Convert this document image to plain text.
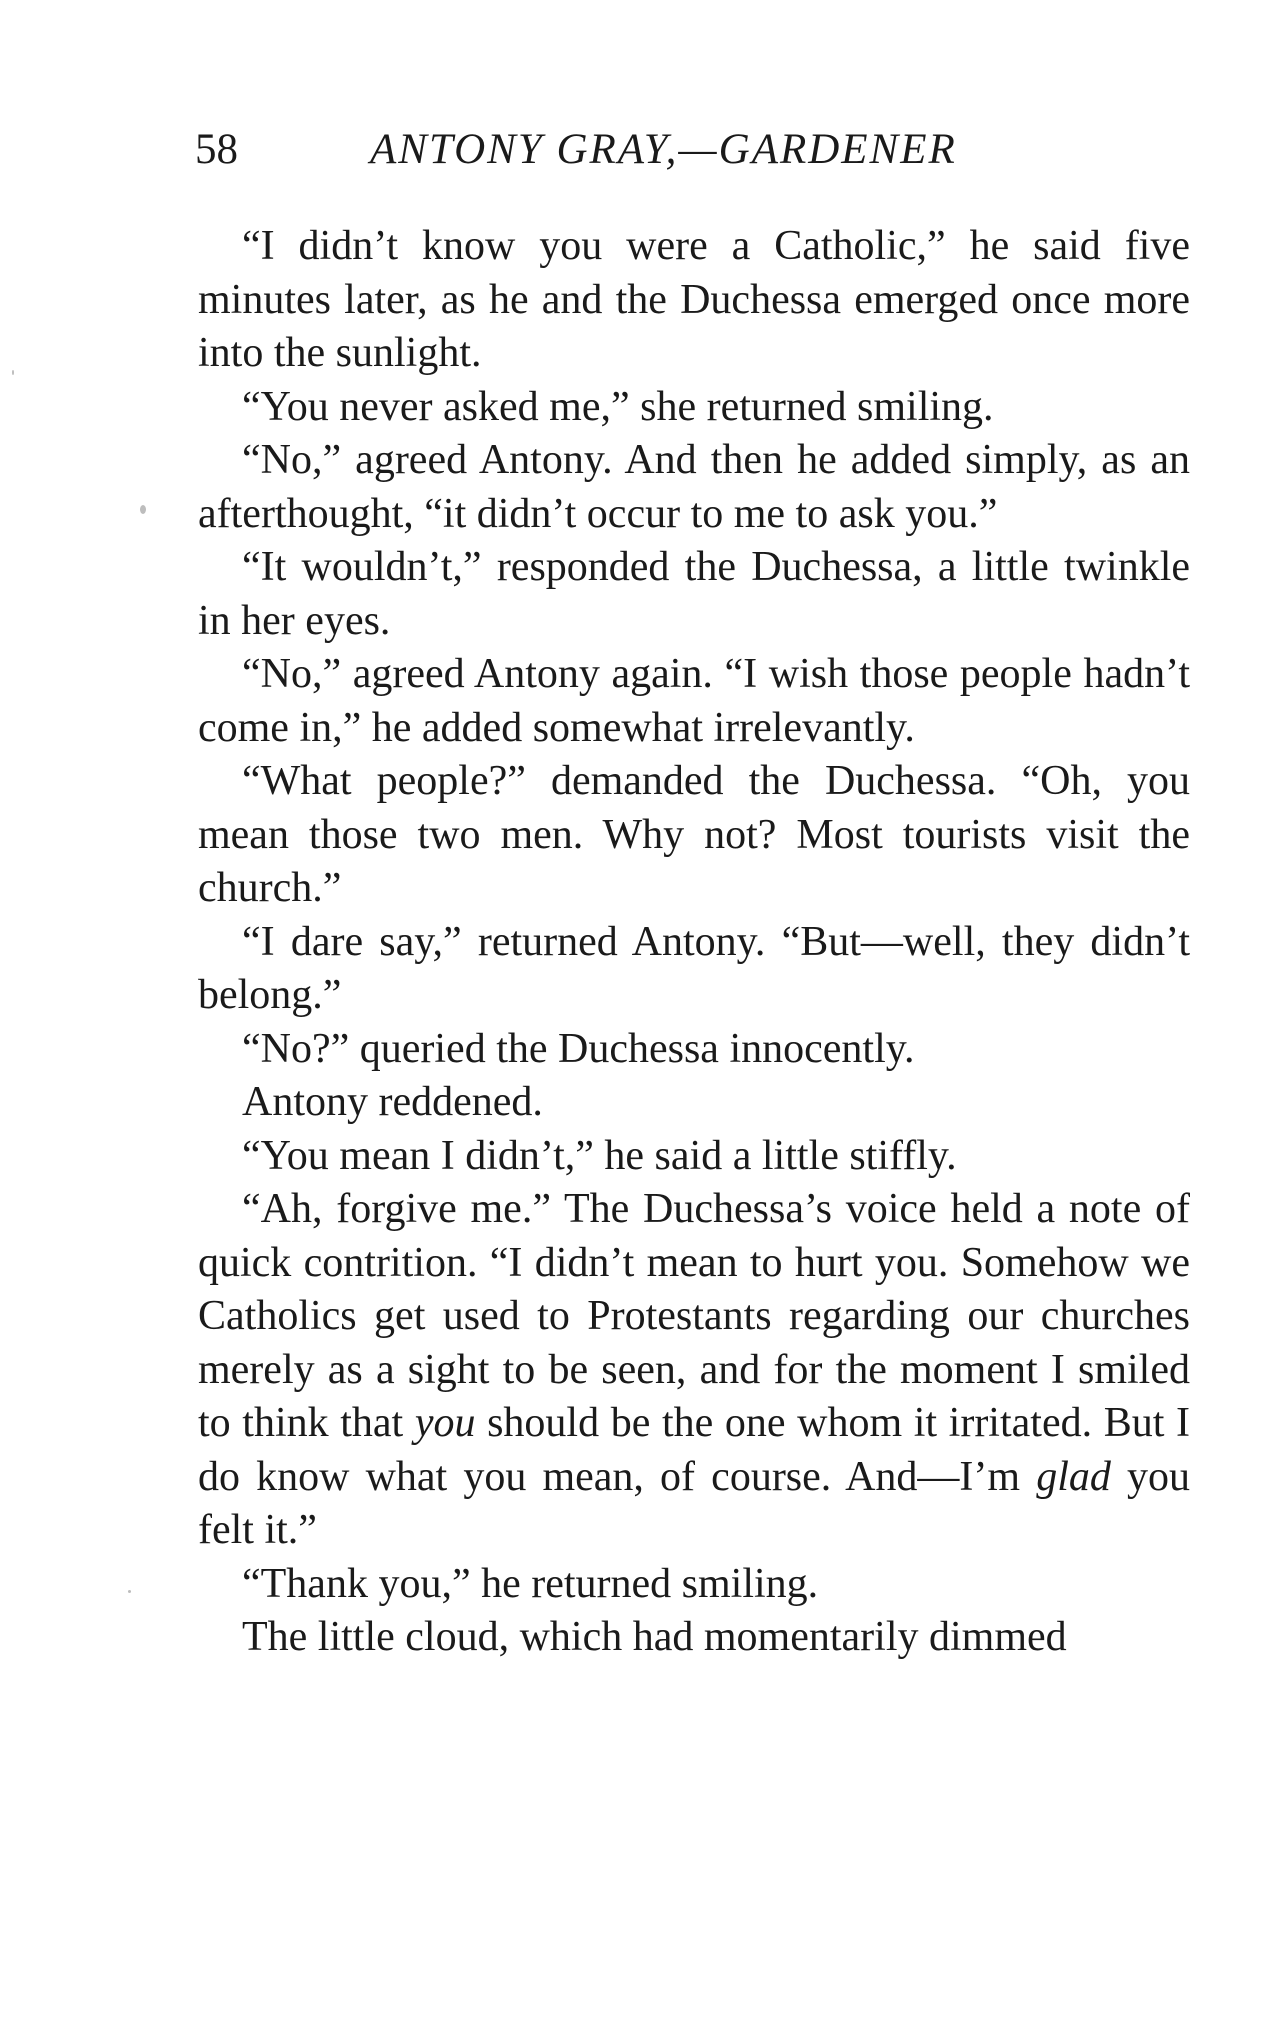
58	ANTONY GRAY,—GARDENER

“I didn’t know you were a Catholic,” he said five minutes later, as he and the Duchessa emerged once more into the sunlight.

“You never asked me,” she returned smiling.

“No,” agreed Antony. And then he added simply, as an afterthought, “it didn’t occur to me to ask you.”

“It wouldn’t,” responded the Duchessa, a little twinkle in her eyes.

“No,” agreed Antony again. “I wish those people hadn’t come in,” he added somewhat irrelevantly.

“What people?” demanded the Duchessa. “Oh, you mean those two men. Why not? Most tourists visit the church.”

“I dare say,” returned Antony. “But—well, they didn’t belong.”

“No?” queried the Duchessa innocently.

Antony reddened.

“You mean I didn’t,” he said a little stiffly.

“Ah, forgive me.” The Duchessa’s voice held a note of quick contrition. “I didn’t mean to hurt you. Somehow we Catholics get used to Protestants regarding our churches merely as a sight to be seen, and for the moment I smiled to think that you should be the one whom it irritated. But I do know what you mean, of course. And—I’m glad you felt it.”

“Thank you,” he returned smiling.

The little cloud, which had momentarily dimmed
